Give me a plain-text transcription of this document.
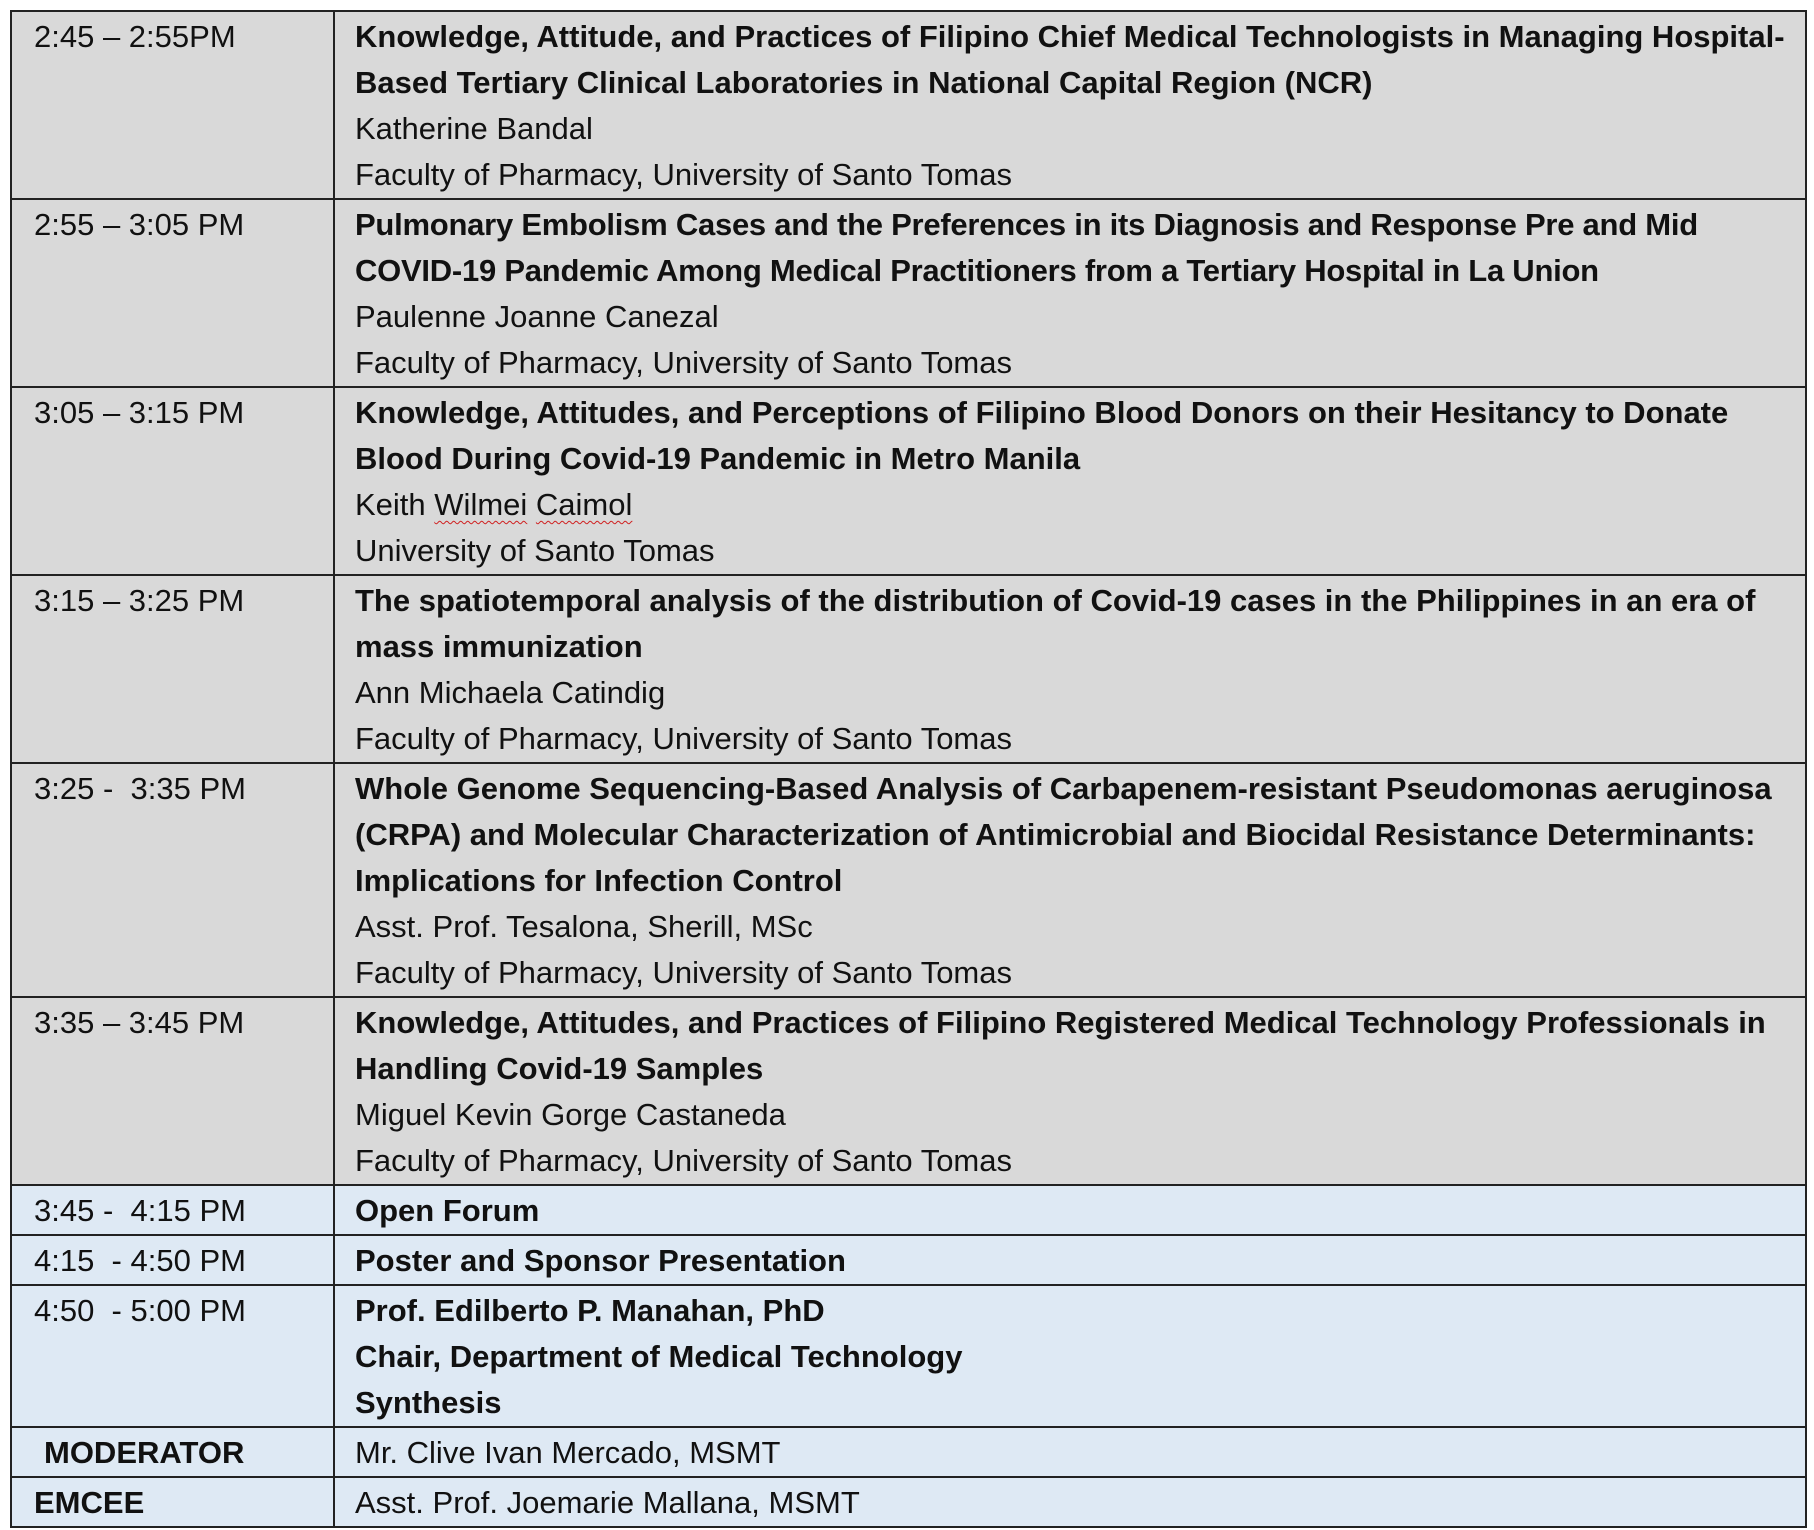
2:45 – 2:55PM	Knowledge, Attitude, and Practices of Filipino Chief Medical Technologists in Managing Hospital-Based Tertiary Clinical Laboratories in National Capital Region (NCR)
Katherine Bandal
Faculty of Pharmacy, University of Santo Tomas

2:55 – 3:05 PM	Pulmonary Embolism Cases and the Preferences in its Diagnosis and Response Pre and Mid COVID-19 Pandemic Among Medical Practitioners from a Tertiary Hospital in La Union
Paulenne Joanne Canezal
Faculty of Pharmacy, University of Santo Tomas

3:05 – 3:15 PM	Knowledge, Attitudes, and Perceptions of Filipino Blood Donors on their Hesitancy to Donate Blood During Covid-19 Pandemic in Metro Manila
Keith Wilmei Caimol
University of Santo Tomas

3:15 – 3:25 PM	The spatiotemporal analysis of the distribution of Covid-19 cases in the Philippines in an era of mass immunization
Ann Michaela Catindig
Faculty of Pharmacy, University of Santo Tomas

3:25 -  3:35 PM	Whole Genome Sequencing-Based Analysis of Carbapenem-resistant Pseudomonas aeruginosa (CRPA) and Molecular Characterization of Antimicrobial and Biocidal Resistance Determinants: Implications for Infection Control
Asst. Prof. Tesalona, Sherill, MSc
Faculty of Pharmacy, University of Santo Tomas

3:35 – 3:45 PM	Knowledge, Attitudes, and Practices of Filipino Registered Medical Technology Professionals in Handling Covid-19 Samples
Miguel Kevin Gorge Castaneda
Faculty of Pharmacy, University of Santo Tomas

3:45 -  4:15 PM	Open Forum

4:15  - 4:50 PM	Poster and Sponsor Presentation

4:50  - 5:00 PM	Prof. Edilberto P. Manahan, PhD
Chair, Department of Medical Technology
Synthesis

MODERATOR	Mr. Clive Ivan Mercado, MSMT
EMCEE	Asst. Prof. Joemarie Mallana, MSMT
